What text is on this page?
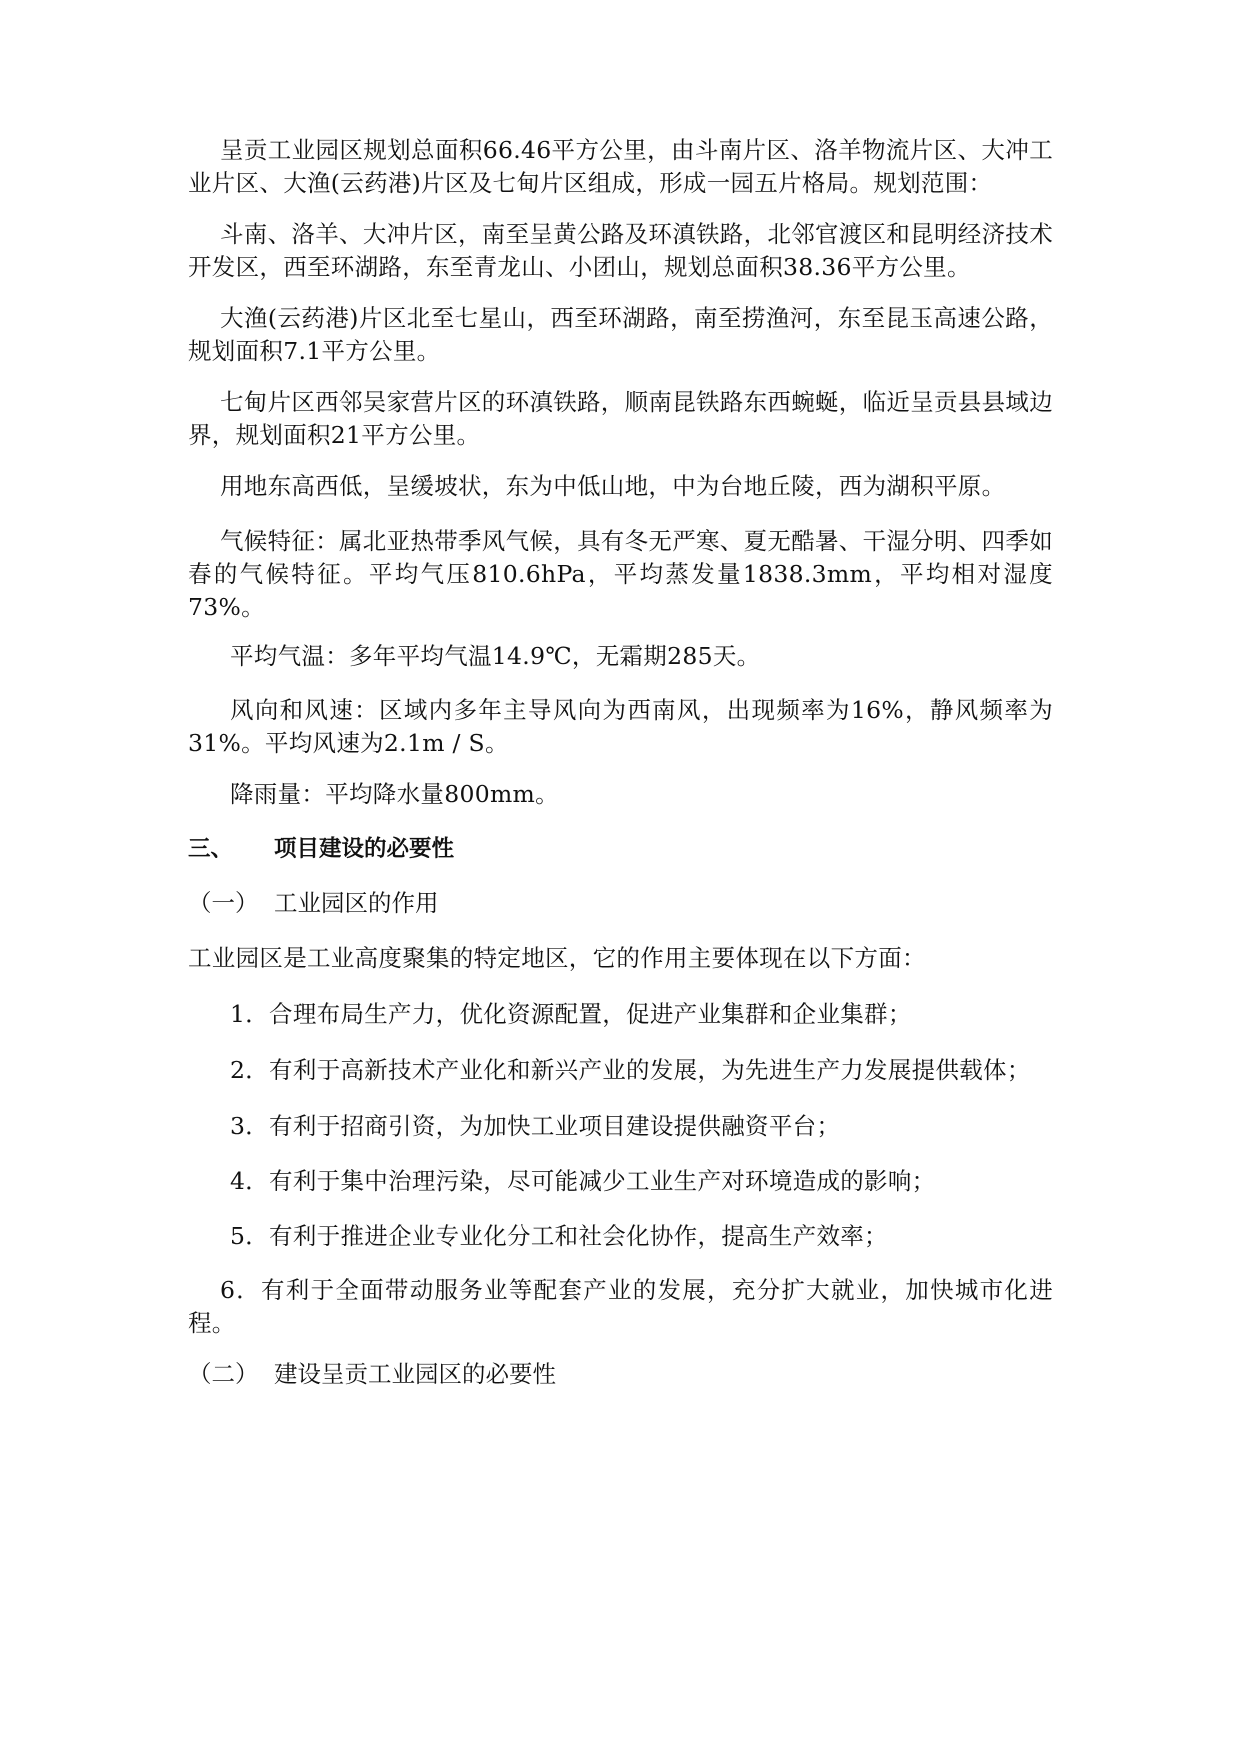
呈贡工业园区规划总面积66.46平方公里，由斗南片区、洛羊物流片区、大冲工业片区、大渔(云药港)片区及七甸片区组成，形成一园五片格局。规划范围：

斗南、洛羊、大冲片区，南至呈黄公路及环滇铁路，北邻官渡区和昆明经济技术开发区，西至环湖路，东至青龙山、小团山，规划总面积38.36平方公里。

大渔(云药港)片区北至七星山，西至环湖路，南至捞渔河，东至昆玉高速公路，规划面积7.1平方公里。

七甸片区西邻吴家营片区的环滇铁路，顺南昆铁路东西蜿蜒，临近呈贡县县域边界，规划面积21平方公里。

用地东高西低，呈缓坡状，东为中低山地，中为台地丘陵，西为湖积平原。

气候特征：属北亚热带季风气候，具有冬无严寒、夏无酷暑、干湿分明、四季如春的气候特征。平均气压810.6hPa，平均蒸发量1838.3mm，平均相对湿度73%。

平均气温：多年平均气温14.9℃，无霜期285天。

风向和风速：区域内多年主导风向为西南风，出现频率为16%，静风频率为31%。平均风速为2.1m / S。

降雨量：平均降水量800mm。

三、 项目建设的必要性
（一） 工业园区的作用

工业园区是工业高度聚集的特定地区，它的作用主要体现在以下方面：

1．合理布局生产力，优化资源配置，促进产业集群和企业集群；

2．有利于高新技术产业化和新兴产业的发展，为先进生产力发展提供载体；

3．有利于招商引资，为加快工业项目建设提供融资平台；

4．有利于集中治理污染，尽可能减少工业生产对环境造成的影响；

5．有利于推进企业专业化分工和社会化协作，提高生产效率；

6．有利于全面带动服务业等配套产业的发展，充分扩大就业，加快城市化进程。

（二） 建设呈贡工业园区的必要性
